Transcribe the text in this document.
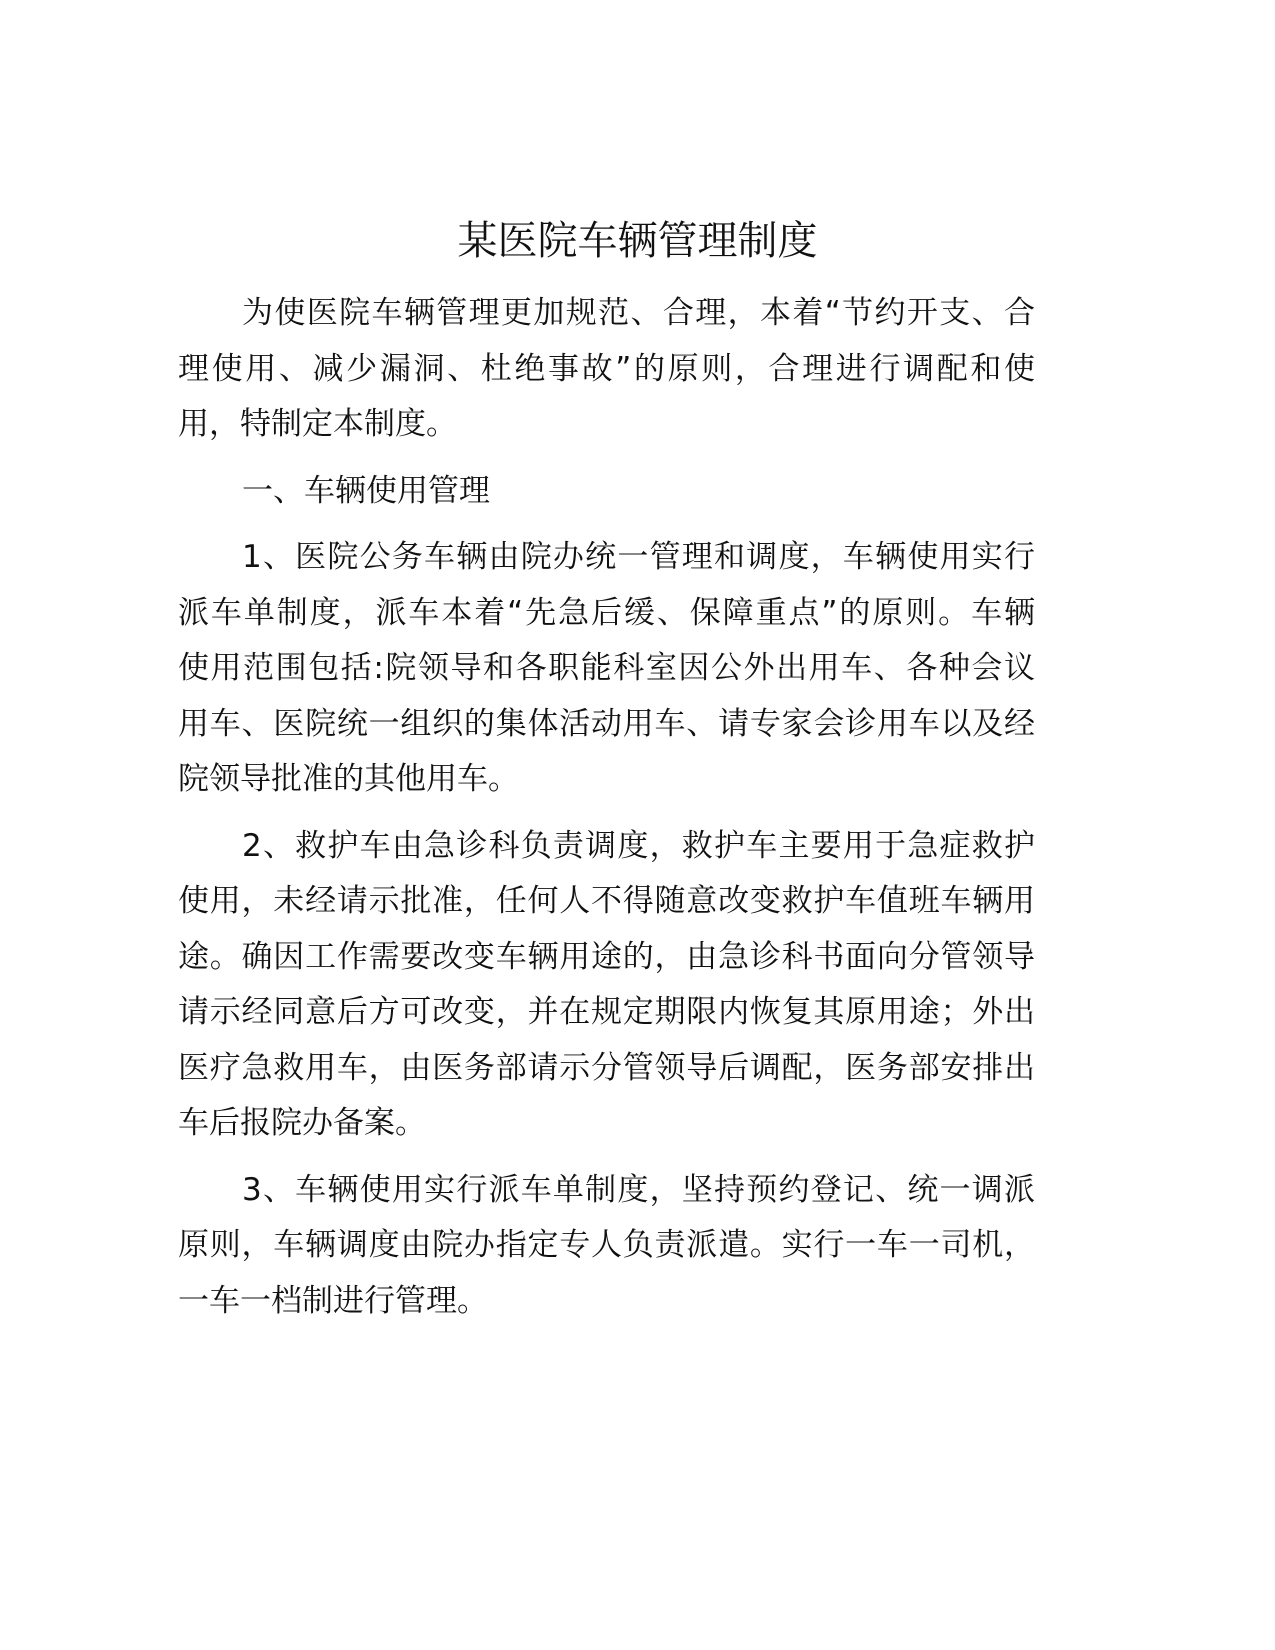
某医院车辆管理制度
为使医院车辆管理更加规范、合理，本着“节约开支、合
理使用、减少漏洞、杜绝事故”的原则，合理进行调配和使
用，特制定本制度。
一、车辆使用管理
1、医院公务车辆由院办统一管理和调度，车辆使用实行
派车单制度，派车本着“先急后缓、保障重点”的原则。车辆
使用范围包括:院领导和各职能科室因公外出用车、各种会议
用车、医院统一组织的集体活动用车、请专家会诊用车以及经
院领导批准的其他用车。
2、救护车由急诊科负责调度，救护车主要用于急症救护
使用，未经请示批准，任何人不得随意改变救护车值班车辆用
途。确因工作需要改变车辆用途的，由急诊科书面向分管领导
请示经同意后方可改变，并在规定期限内恢复其原用途；外出
医疗急救用车，由医务部请示分管领导后调配，医务部安排出
车后报院办备案。
3、车辆使用实行派车单制度，坚持预约登记、统一调派
原则，车辆调度由院办指定专人负责派遣。实行一车一司机，
一车一档制进行管理。
